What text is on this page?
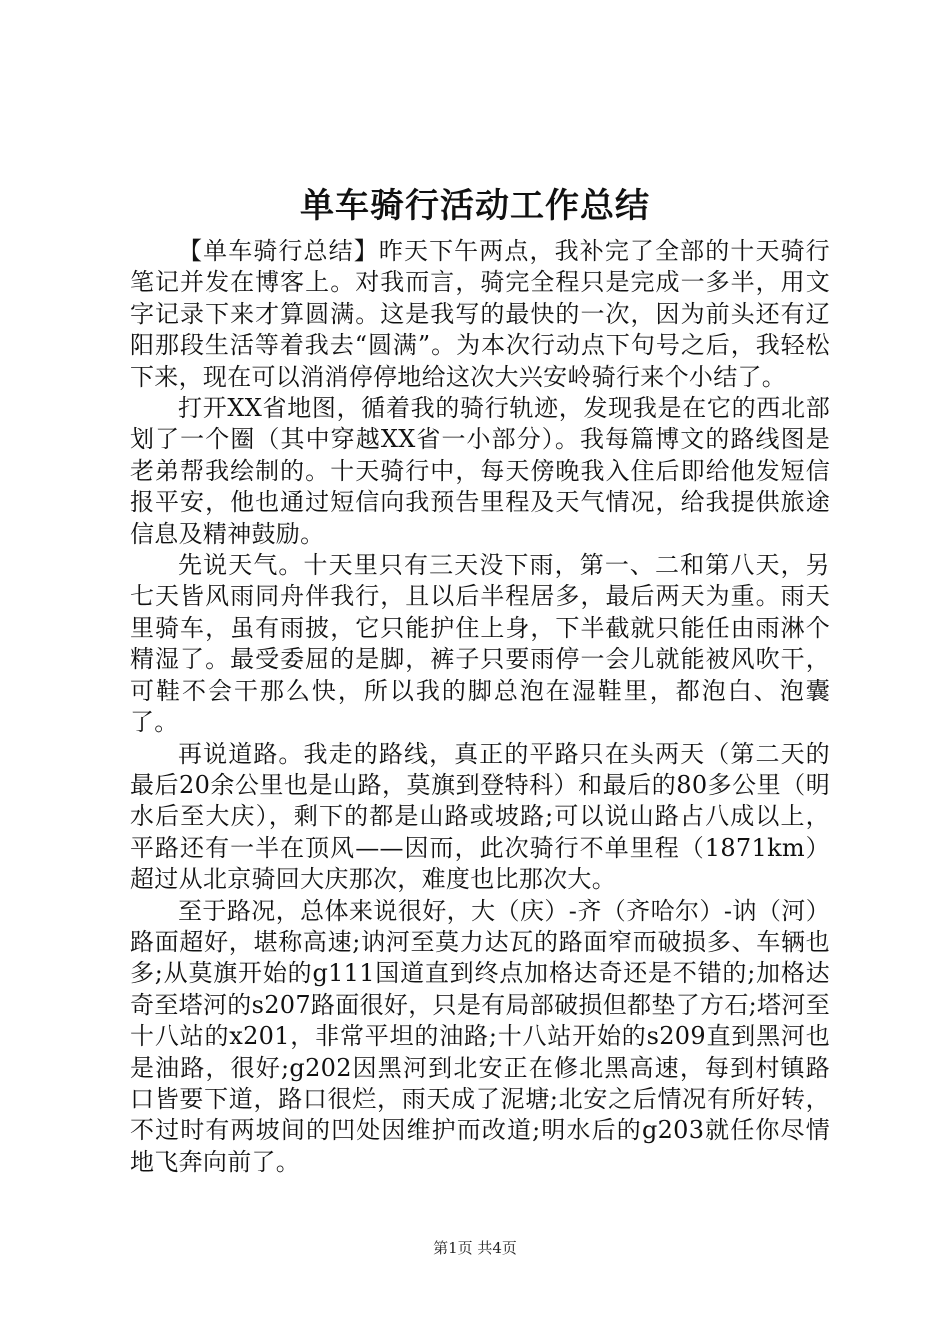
单车骑行活动工作总结

【单车骑行总结】昨天下午两点，我补完了全部的十天骑行笔记并发在博客上。对我而言，骑完全程只是完成一多半，用文字记录下来才算圆满。这是我写的最快的一次，因为前头还有辽阳那段生活等着我去“圆满”。为本次行动点下句号之后，我轻松下来，现在可以消消停停地给这次大兴安岭骑行来个小结了。

打开XX省地图，循着我的骑行轨迹，发现我是在它的西北部划了一个圈（其中穿越XX省一小部分）。我每篇博文的路线图是老弟帮我绘制的。十天骑行中，每天傍晚我入住后即给他发短信报平安，他也通过短信向我预告里程及天气情况，给我提供旅途信息及精神鼓励。

先说天气。十天里只有三天没下雨，第一、二和第八天，另七天皆风雨同舟伴我行，且以后半程居多，最后两天为重。雨天里骑车，虽有雨披，它只能护住上身，下半截就只能任由雨淋个精湿了。最受委屈的是脚，裤子只要雨停一会儿就能被风吹干，可鞋不会干那么快，所以我的脚总泡在湿鞋里，都泡白、泡囊了。

再说道路。我走的路线，真正的平路只在头两天（第二天的最后20余公里也是山路，莫旗到登特科）和最后的80多公里（明水后至大庆），剩下的都是山路或坡路;可以说山路占八成以上，平路还有一半在顶风——因而，此次骑行不单里程（1871km）超过从北京骑回大庆那次，难度也比那次大。

至于路况，总体来说很好，大（庆）-齐（齐哈尔）-讷（河）路面超好，堪称高速;讷河至莫力达瓦的路面窄而破损多、车辆也多;从莫旗开始的g111国道直到终点加格达奇还是不错的;加格达奇至塔河的s207路面很好，只是有局部破损但都垫了方石;塔河至十八站的x201，非常平坦的油路;十八站开始的s209直到黑河也是油路，很好;g202因黑河到北安正在修北黑高速，每到村镇路口皆要下道，路口很烂，雨天成了泥塘;北安之后情况有所好转，不过时有两坡间的凹处因维护而改道;明水后的g203就任你尽情地飞奔向前了。

第1页 共4页
